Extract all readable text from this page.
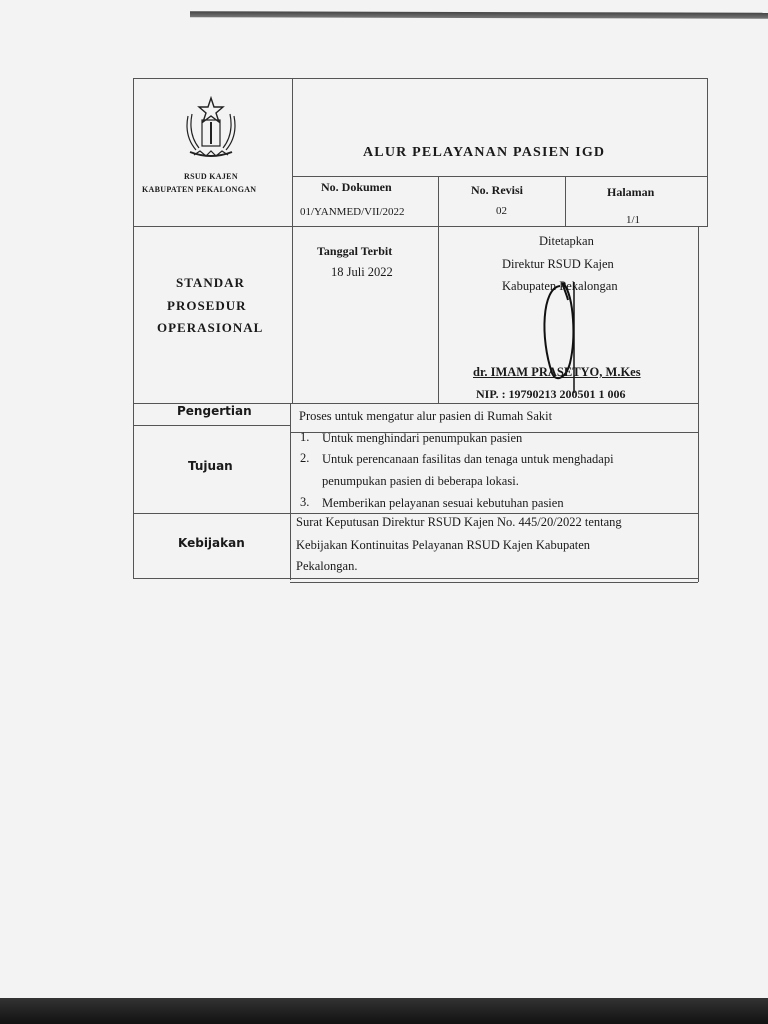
RSUD KAJEN
KABUPATEN PEKALONGAN
ALUR PELAYANAN PASIEN IGD
No. Dokumen
01/YANMED/VII/2022
No. Revisi
02
Halaman
1/1
STANDAR
PROSEDUR
OPERASIONAL
Tanggal Terbit
18 Juli 2022
Ditetapkan
Direktur RSUD Kajen
Kabupaten Pekalongan
dr. IMAM PRASETYO, M.Kes
NIP. : 19790213 200501 1 006
Pengertian	Proses untuk mengatur alur pasien di Rumah Sakit
Tujuan
1. Untuk menghindari penumpukan pasien
2. Untuk perencanaan fasilitas dan tenaga untuk menghadapi
penumpukan pasien di beberapa lokasi.
3. Memberikan pelayanan sesuai kebutuhan pasien
Kebijakan
Surat Keputusan Direktur RSUD Kajen No. 445/20/2022 tentang
Kebijakan Kontinuitas Pelayanan RSUD Kajen Kabupaten
Pekalongan.
